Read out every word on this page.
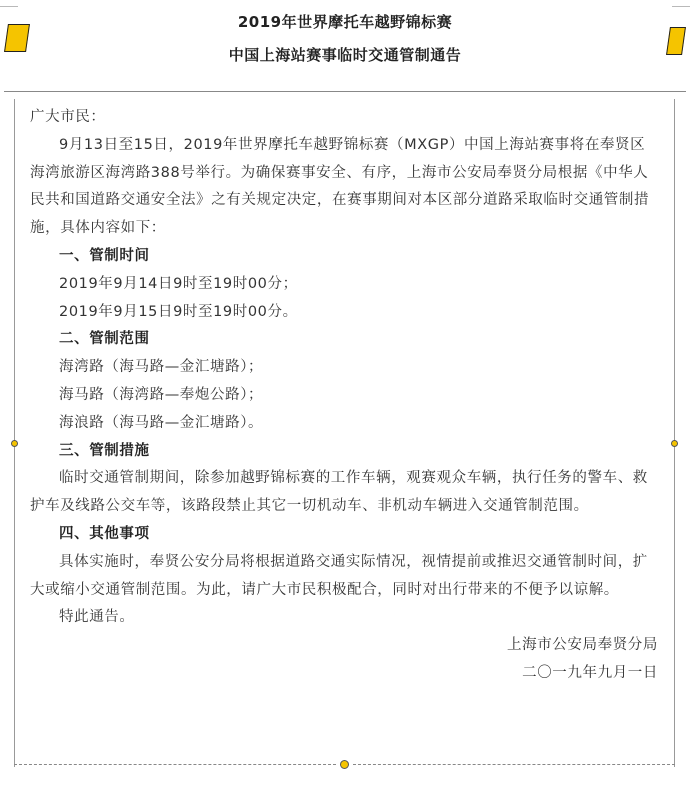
2019年世界摩托车越野锦标赛
中国上海站赛事临时交通管制通告

广大市民：

9月13日至15日，2019年世界摩托车越野锦标赛（MXGP）中国上海站赛事将在奉贤区海湾旅游区海湾路388号举行。为确保赛事安全、有序，上海市公安局奉贤分局根据《中华人民共和国道路交通安全法》之有关规定决定，在赛事期间对本区部分道路采取临时交通管制措施，具体内容如下：

一、管制时间

2019年9月14日9时至19时00分；

2019年9月15日9时至19时00分。

二、管制范围

海湾路（海马路—金汇塘路）；

海马路（海湾路—奉炮公路）；

海浪路（海马路—金汇塘路）。

三、管制措施

临时交通管制期间，除参加越野锦标赛的工作车辆，观赛观众车辆，执行任务的警车、救护车及线路公交车等，该路段禁止其它一切机动车、非机动车辆进入交通管制范围。

四、其他事项

具体实施时，奉贤公安分局将根据道路交通实际情况，视情提前或推迟交通管制时间，扩大或缩小交通管制范围。为此，请广大市民积极配合，同时对出行带来的不便予以谅解。

特此通告。

上海市公安局奉贤分局

二〇一九年九月一日
